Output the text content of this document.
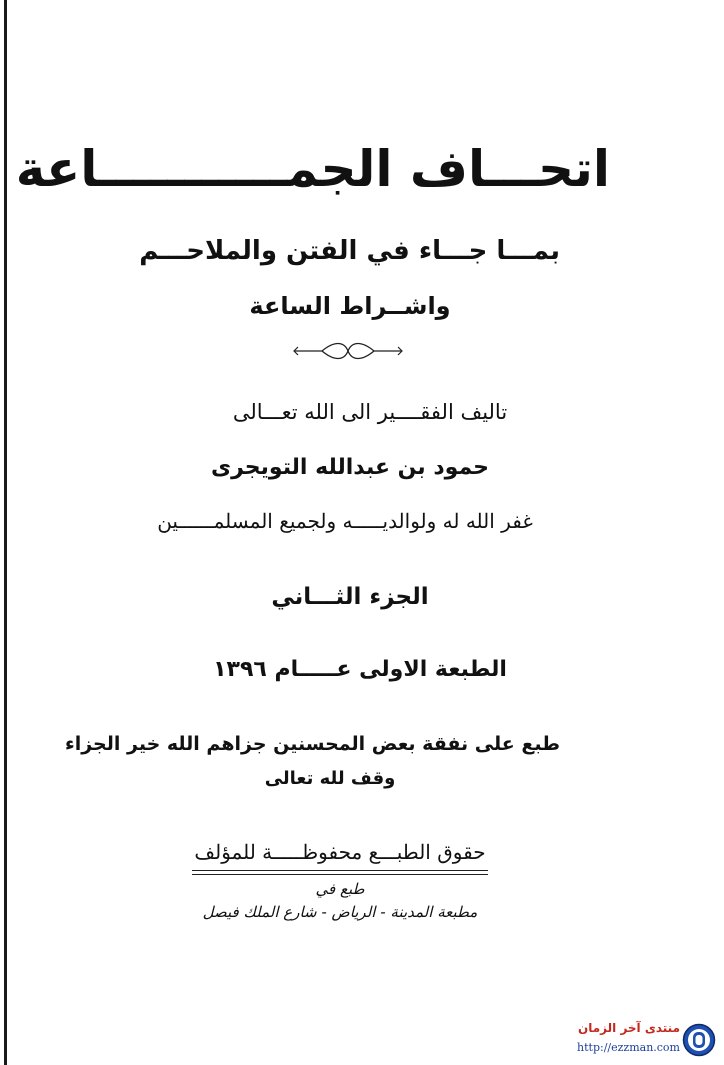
اتحـــاف الجمـــــــــــاعة
بمـــا جـــاء في الفتن والملاحـــم
واشــراط الساعة
تاليف الفقــــير الى الله تعـــالى
حمود بن عبدالله التويجرى
غفر الله له ولوالديـــــه ولجميع المسلمــــــين
الجزء الثـــاني
الطبعة الاولى عـــــام ١٣٩٦
طبع على نفقة بعض المحسنين جزاهم الله خير الجزاء
وقف لله تعالى
حقوق الطبـــع محفوظـــــة للمؤلف
طبع في
مطبعة المدينة - الرياض - شارع الملك فيصل
منتدى آخر الزمان
http://ezzman.com
